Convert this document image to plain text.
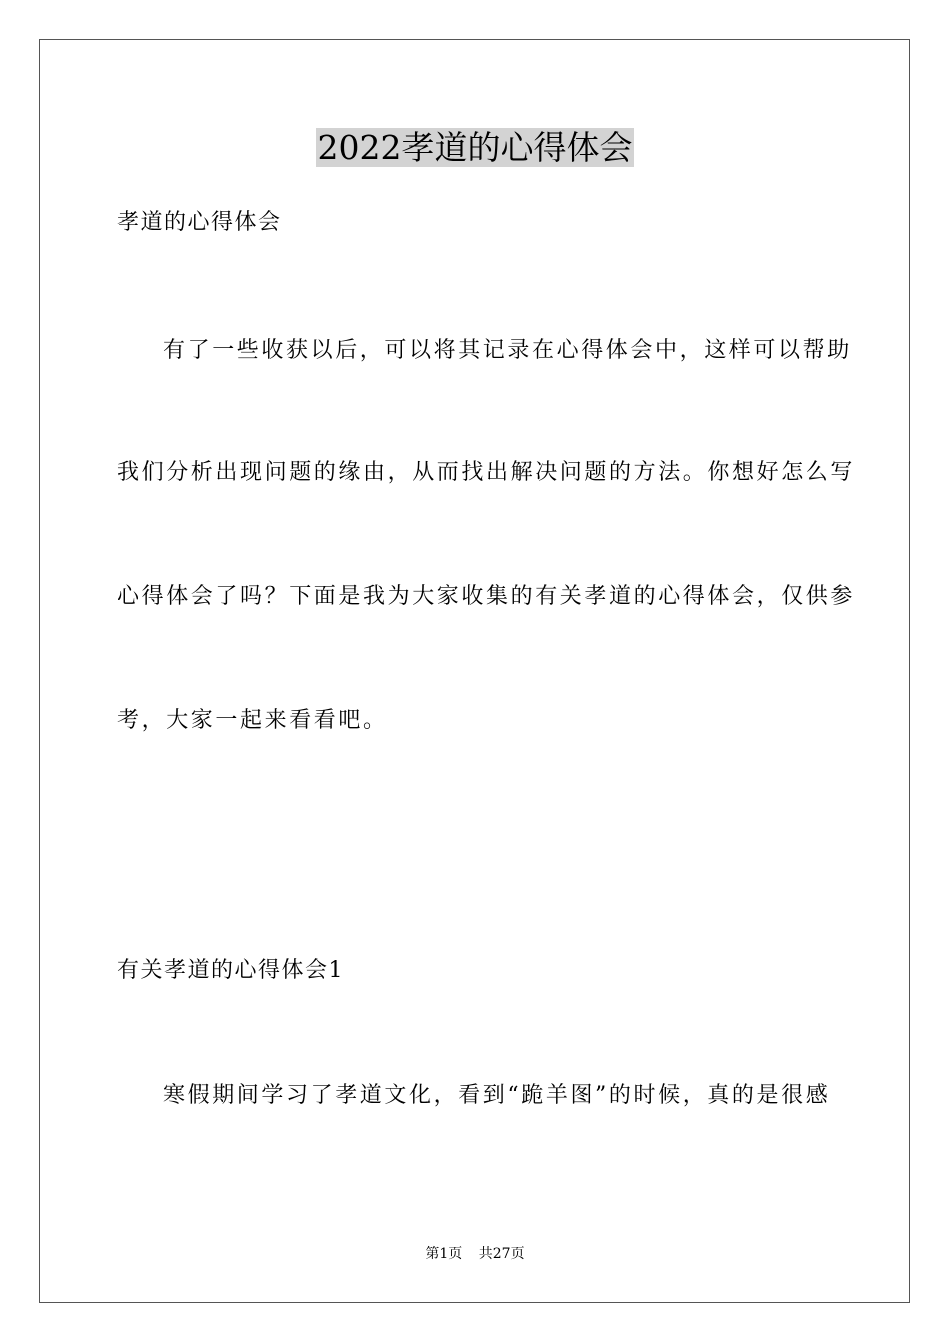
2022孝道的心得体会
孝道的心得体会
有了一些收获以后，可以将其记录在心得体会中，这样可以帮助
我们分析出现问题的缘由，从而找出解决问题的方法。你想好怎么写
心得体会了吗？下面是我为大家收集的有关孝道的心得体会，仅供参
考，大家一起来看看吧。
有关孝道的心得体会1
寒假期间学习了孝道文化，看到“跪羊图”的时候，真的是很感
第1页 共27页
